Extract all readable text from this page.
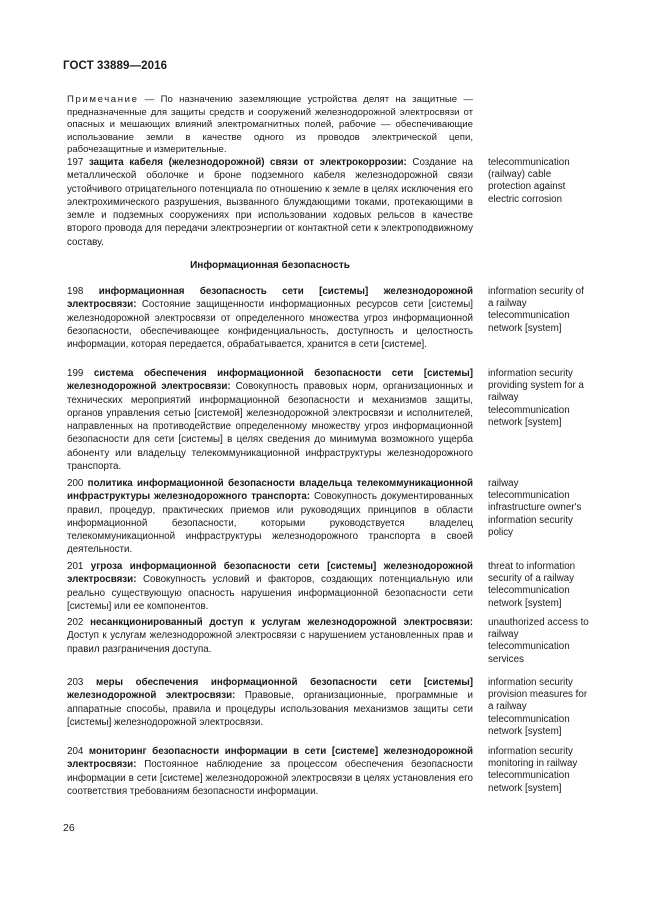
ГОСТ 33889—2016
Примечание — По назначению заземляющие устройства делят на защитные — предназначенные для защиты средств и сооружений железнодорожной электросвязи от опасных и мешающих влияний электромагнитных полей, рабочие — обеспечивающие использование земли в качестве одного из проводов электрической цепи, рабочезащитные и измерительные.
197 защита кабеля (железнодорожной) связи от электрокоррозии: Создание на металлической оболочке и броне подземного кабеля железнодорожной связи устойчивого отрицательного потенциала по отношению к земле в целях исключения его электрохимического разрушения, вызванного блуждающими токами, протекающими в земле и подземных сооружениях при использовании ходовых рельсов в качестве второго провода для передачи электроэнергии от контактной сети к электроподвижному составу.
telecommunication (railway) cable protection against electric corrosion
Информационная безопасность
198 информационная безопасность сети [системы] железнодорожной электросвязи: Состояние защищенности информационных ресурсов сети [системы] железнодорожной электросвязи от определенного множества угроз информационной безопасности, обеспечивающее конфиденциальность, доступность и целостность информации, которая передается, обрабатывается, хранится в сети [системе].
information security of a railway telecommunication network [system]
199 система обеспечения информационной безопасности сети [системы] железнодорожной электросвязи: Совокупность правовых норм, организационных и технических мероприятий информационной безопасности и механизмов защиты, органов управления сетью [системой] железнодорожной электросвязи и исполнителей, направленных на противодействие определенному множеству угроз информационной безопасности для сети [системы] в целях сведения до минимума возможного ущерба абоненту или владельцу телекоммуникационной инфраструктуры железнодорожного транспорта.
information security providing system for a railway telecommunication network [system]
200 политика информационной безопасности владельца телекоммуникационной инфраструктуры железнодорожного транспорта: Совокупность документированных правил, процедур, практических приемов или руководящих принципов в области информационной безопасности, которыми руководствуется владелец телекоммуникационной инфраструктуры железнодорожного транспорта в своей деятельности.
railway telecommunication infrastructure owner's information security policy
201 угроза информационной безопасности сети [системы] железнодорожной электросвязи: Совокупность условий и факторов, создающих потенциальную или реально существующую опасность нарушения информационной безопасности сети [системы] или ее компонентов.
threat to information security of a railway telecommunication network [system]
202 несанкционированный доступ к услугам железнодорожной электросвязи: Доступ к услугам железнодорожной электросвязи с нарушением установленных прав и правил разграничения доступа.
unauthorized access to railway telecommunication services
203 меры обеспечения информационной безопасности сети [системы] железнодорожной электросвязи: Правовые, организационные, программные и аппаратные способы, правила и процедуры использования механизмов защиты сети [системы] железнодорожной электросвязи.
information security provision measures for a railway telecommunication network [system]
204 мониторинг безопасности информации в сети [системе] железнодорожной электросвязи: Постоянное наблюдение за процессом обеспечения безопасности информации в сети [системе] железнодорожной электросвязи в целях установления его соответствия требованиям безопасности информации.
information security monitoring in railway telecommunication network [system]
26
